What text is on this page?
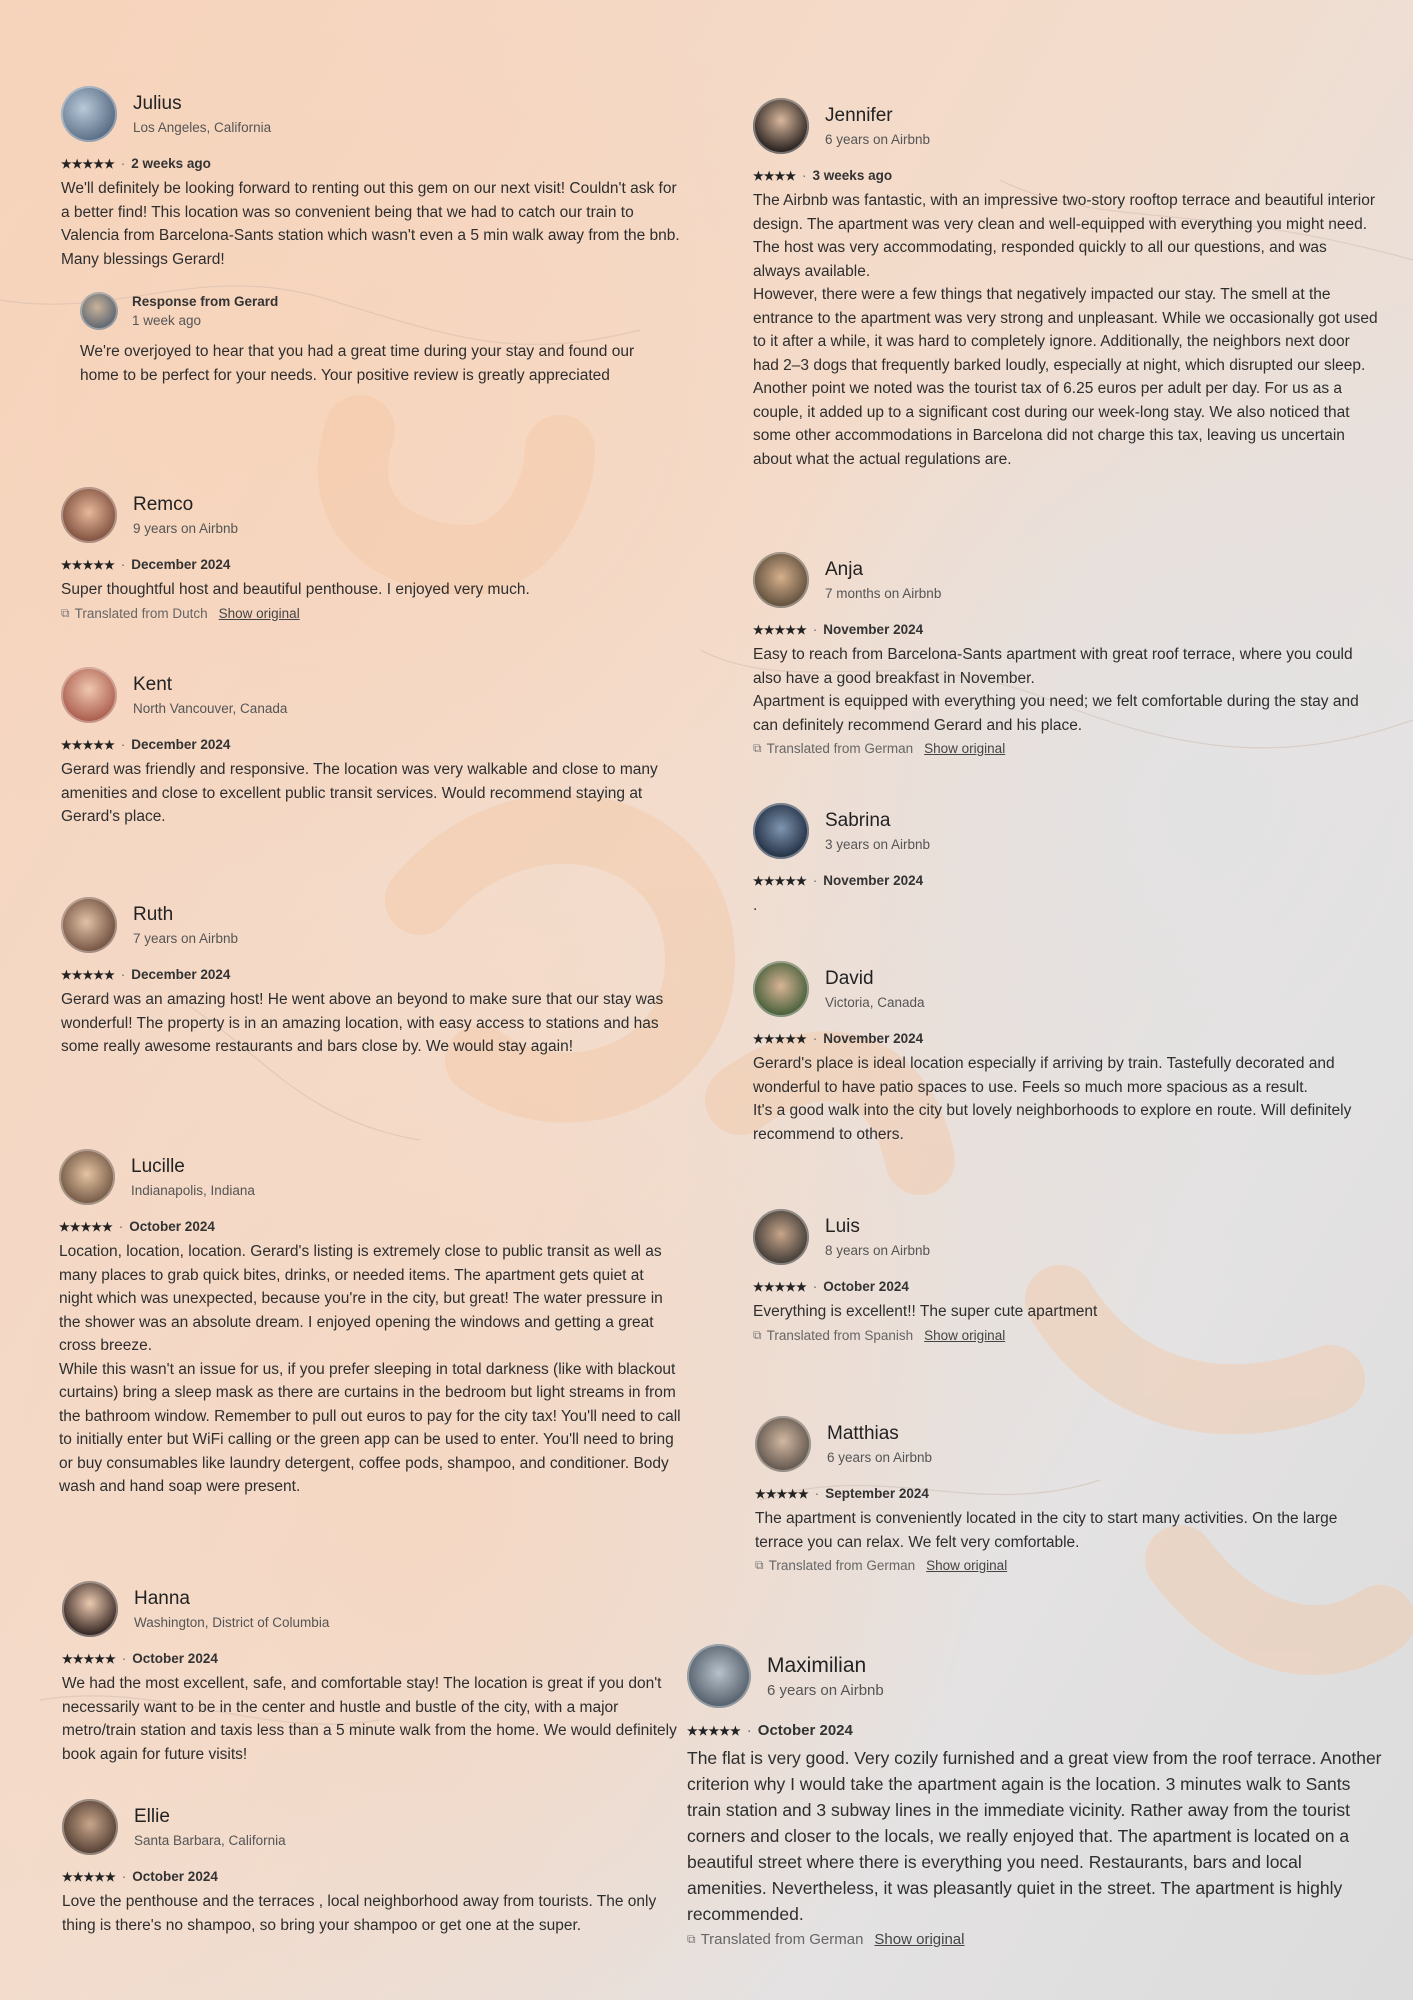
Julius
Los Angeles, California
★★★★★ · 2 weeks ago
We'll definitely be looking forward to renting out this gem on our next visit! Couldn't ask for a better find! This location was so convenient being that we had to catch our train to Valencia from Barcelona-Sants station which wasn't even a 5 min walk away from the bnb. Many blessings Gerard!
Response from Gerard
1 week ago
We're overjoyed to hear that you had a great time during your stay and found our home to be perfect for your needs. Your positive review is greatly appreciated
Remco
9 years on Airbnb
★★★★★ · December 2024
Super thoughtful host and beautiful penthouse. I enjoyed very much.
⧉ Translated from Dutch Show original
Kent
North Vancouver, Canada
★★★★★ · December 2024
Gerard was friendly and responsive. The location was very walkable and close to many amenities and close to excellent public transit services. Would recommend staying at Gerard's place.
Ruth
7 years on Airbnb
★★★★★ · December 2024
Gerard was an amazing host! He went above an beyond to make sure that our stay was wonderful! The property is in an amazing location, with easy access to stations and has some really awesome restaurants and bars close by. We would stay again!
Lucille
Indianapolis, Indiana
★★★★★ · October 2024
Location, location, location. Gerard's listing is extremely close to public transit as well as many places to grab quick bites, drinks, or needed items. The apartment gets quiet at night which was unexpected, because you're in the city, but great! The water pressure in the shower was an absolute dream. I enjoyed opening the windows and getting a great cross breeze.
While this wasn't an issue for us, if you prefer sleeping in total darkness (like with blackout curtains) bring a sleep mask as there are curtains in the bedroom but light streams in from the bathroom window. Remember to pull out euros to pay for the city tax! You'll need to call to initially enter but WiFi calling or the green app can be used to enter. You'll need to bring or buy consumables like laundry detergent, coffee pods, shampoo, and conditioner. Body wash and hand soap were present.
Hanna
Washington, District of Columbia
★★★★★ · October 2024
We had the most excellent, safe, and comfortable stay! The location is great if you don't necessarily want to be in the center and hustle and bustle of the city, with a major metro/train station and taxis less than a 5 minute walk from the home. We would definitely book again for future visits!
Ellie
Santa Barbara, California
★★★★★ · October 2024
Love the penthouse and the terraces , local neighborhood away from tourists. The only thing is there's no shampoo, so bring your shampoo or get one at the super.
Jennifer
6 years on Airbnb
★★★★ · 3 weeks ago
The Airbnb was fantastic, with an impressive two-story rooftop terrace and beautiful interior design. The apartment was very clean and well-equipped with everything you might need. The host was very accommodating, responded quickly to all our questions, and was always available.
However, there were a few things that negatively impacted our stay. The smell at the entrance to the apartment was very strong and unpleasant. While we occasionally got used to it after a while, it was hard to completely ignore. Additionally, the neighbors next door had 2–3 dogs that frequently barked loudly, especially at night, which disrupted our sleep.
Another point we noted was the tourist tax of 6.25 euros per adult per day. For us as a couple, it added up to a significant cost during our week-long stay. We also noticed that some other accommodations in Barcelona did not charge this tax, leaving us uncertain about what the actual regulations are.
Anja
7 months on Airbnb
★★★★★ · November 2024
Easy to reach from Barcelona-Sants apartment with great roof terrace, where you could also have a good breakfast in November.
Apartment is equipped with everything you need; we felt comfortable during the stay and can definitely recommend Gerard and his place.
⧉ Translated from German Show original
Sabrina
3 years on Airbnb
★★★★★ · November 2024
.
David
Victoria, Canada
★★★★★ · November 2024
Gerard's place is ideal location especially if arriving by train. Tastefully decorated and wonderful to have patio spaces to use. Feels so much more spacious as a result.
It's a good walk into the city but lovely neighborhoods to explore en route. Will definitely recommend to others.
Luis
8 years on Airbnb
★★★★★ · October 2024
Everything is excellent!! The super cute apartment
⧉ Translated from Spanish Show original
Matthias
6 years on Airbnb
★★★★★ · September 2024
The apartment is conveniently located in the city to start many activities. On the large terrace you can relax. We felt very comfortable.
⧉ Translated from German Show original
Maximilian
6 years on Airbnb
★★★★★ · October 2024
The flat is very good. Very cozily furnished and a great view from the roof terrace. Another criterion why I would take the apartment again is the location. 3 minutes walk to Sants train station and 3 subway lines in the immediate vicinity. Rather away from the tourist corners and closer to the locals, we really enjoyed that. The apartment is located on a beautiful street where there is everything you need. Restaurants, bars and local amenities. Nevertheless, it was pleasantly quiet in the street. The apartment is highly recommended.
⧉ Translated from German Show original
